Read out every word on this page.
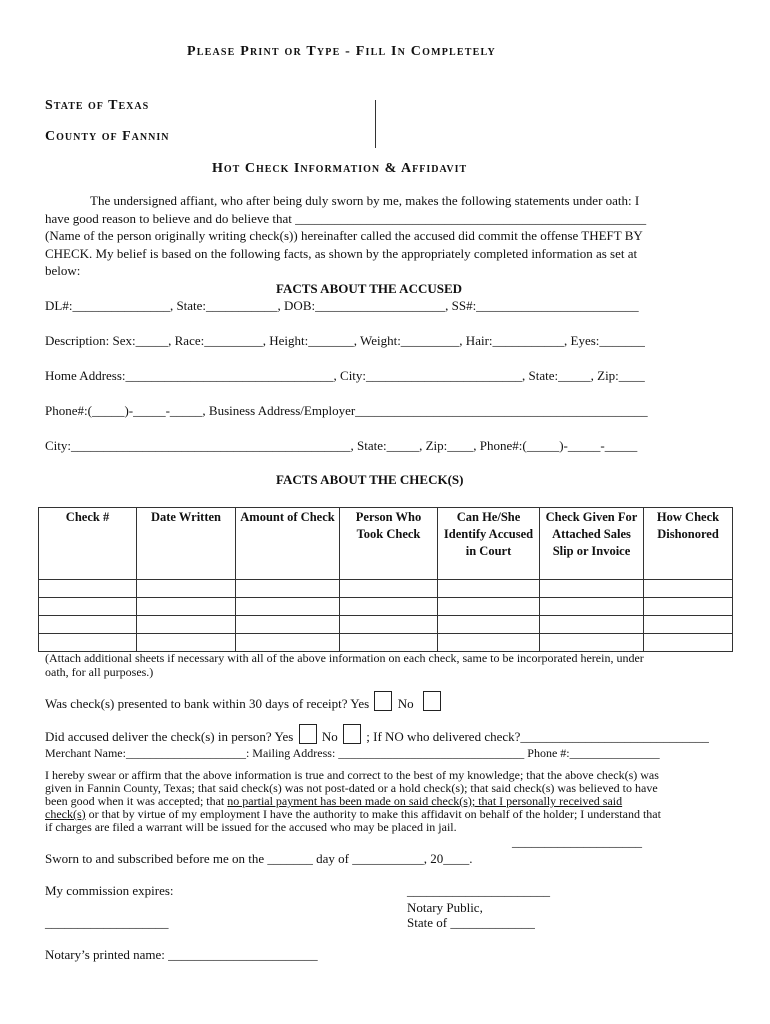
Please Print or Type - Fill In Completely
State of Texas
County of Fannin
Hot Check Information & Affidavit
The undersigned affiant, who after being duly sworn by me, makes the following statements under oath: I
have good reason to believe and do believe that ______________________________________________________
(Name of the person originally writing check(s)) hereinafter called the accused did commit the offense THEFT BY
CHECK. My belief is based on the following facts, as shown by the appropriately completed information as set at
below:
FACTS ABOUT THE ACCUSED
DL#:_______________, State:___________, DOB:____________________, SS#:_________________________
Description: Sex:_____, Race:_________, Height:_______, Weight:_________, Hair:___________, Eyes:_______
Home Address:________________________________, City:________________________, State:_____, Zip:____
Phone#:(_____)-_____-_____, Business Address/Employer_____________________________________________
City:___________________________________________, State:_____, Zip:____, Phone#:(_____)-_____-_____
FACTS ABOUT THE CHECK(S)
Check #	Date Written	Amount of Check	Person Who Took Check	Can He/She Identify Accused in Court	Check Given For Attached Sales Slip or Invoice	How Check Dishonored

(Attach additional sheets if necessary with all of the above information on each check, same to be incorporated herein, under
oath, for all purposes.)
Was check(s) presented to bank within 30 days of receipt? Yes No
Did accused deliver the check(s) in person? Yes No ; If NO who delivered check?_____________________________
Merchant Name:____________________: Mailing Address: _______________________________ Phone #:_______________
I hereby swear or affirm that the above information is true and correct to the best of my knowledge; that the above check(s) was
given in Fannin County, Texas; that said check(s) was not post-dated or a hold check(s); that said check(s) was believed to have
been good when it was accepted; that no partial payment has been made on said check(s); that I personally received said
check(s) or that by virtue of my employment I have the authority to make this affidavit on behalf of the holder; I understand that
if charges are filed a warrant will be issued for the accused who may be placed in jail.
____________________
Sworn to and subscribed before me on the _______ day of ___________, 20____.
My commission expires:	______________________
Notary Public,
___________________	State of _____________
Notary’s printed name: _______________________
